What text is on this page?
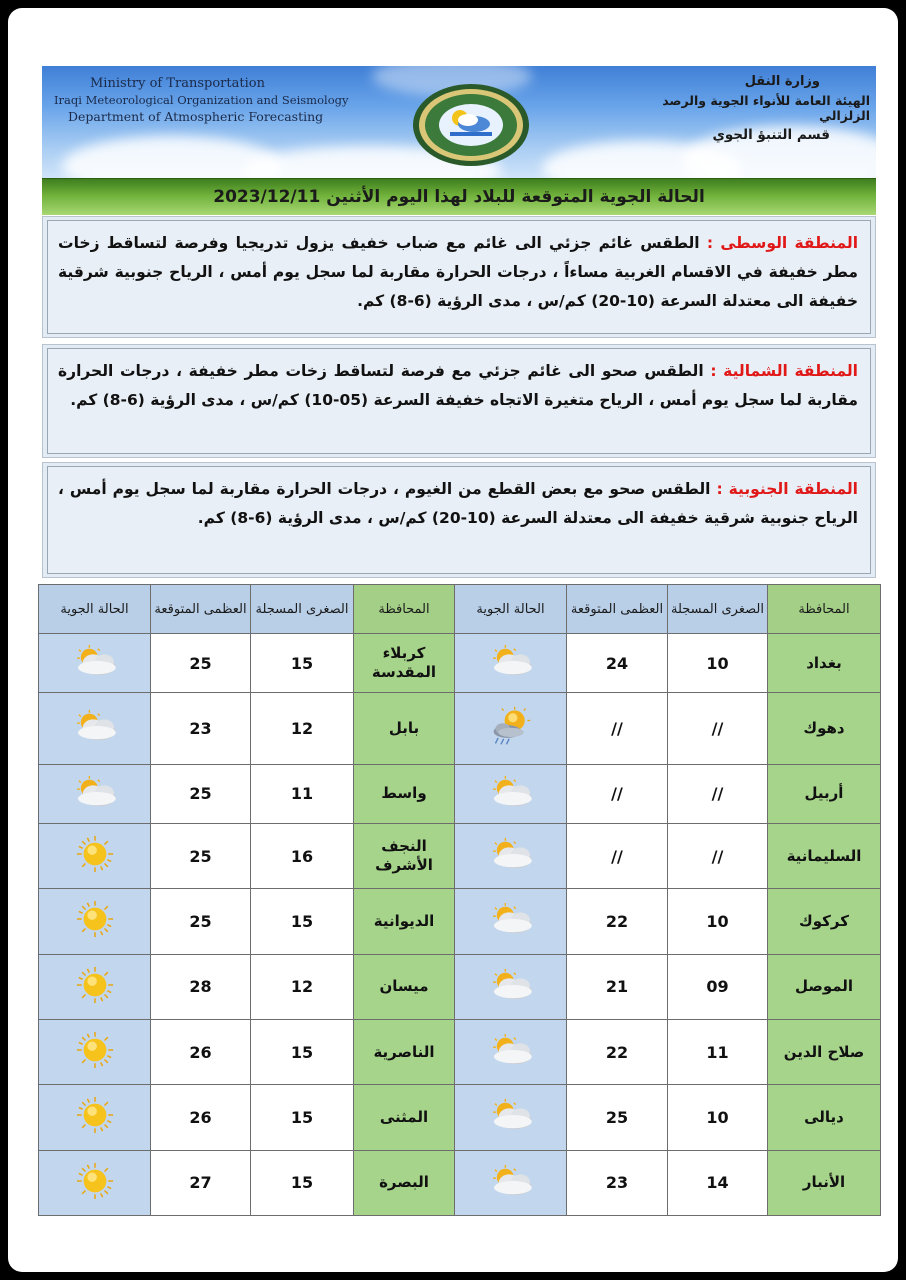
Ministry of Transportation
Iraqi Meteorological Organization and Seismology
Department of Atmospheric Forecasting
وزارة النقل
الهيئة العامة للأنواء الجوية والرصد الزلزالي
قسم التنبؤ الجوي
الحالة الجوية المتوقعة للبلاد لهذا اليوم الأثنين 2023/12/11
المنطقة الوسطى : الطقس غائم جزئي الى غائم مع ضباب خفيف يزول تدريجيا وفرصة لتساقط زخات مطر خفيفة في الاقسام الغربية مساءاً ، درجات الحرارة مقاربة لما سجل يوم أمس ، الرياح جنوبية شرقية خفيفة الى معتدلة السرعة (10-20) كم/س ، مدى الرؤية (6-8) كم.
المنطقة الشمالية : الطقس صحو الى غائم جزئي مع فرصة لتساقط زخات مطر خفيفة ، درجات الحرارة مقاربة لما سجل يوم أمس ، الرياح متغيرة الاتجاه خفيفة السرعة (05-10) كم/س ، مدى الرؤية (6-8) كم.
المنطقة الجنوبية : الطقس صحو مع بعض القطع من الغيوم ، درجات الحرارة مقاربة لما سجل يوم أمس ، الرياح جنوبية شرقية خفيفة الى معتدلة السرعة (10-20) كم/س ، مدى الرؤية (6-8) كم.
المحافظة	الصغرى المسجلة	العظمى المتوقعة	الحالة الجوية	المحافظة	الصغرى المسجلة	العظمى المتوقعة	الحالة الجوية
بغداد	10	24		كربلاء المقدسة	15	25	
دهوك	//	//		بابل	12	23	
أربيل	//	//		واسط	11	25	
السليمانية	//	//		النجف الأشرف	16	25	
كركوك	10	22		الديوانية	15	25	
الموصل	09	21		ميسان	12	28	
صلاح الدين	11	22		الناصرية	15	26	
ديالى	10	25		المثنى	15	26	
الأنبار	14	23		البصرة	15	27	
